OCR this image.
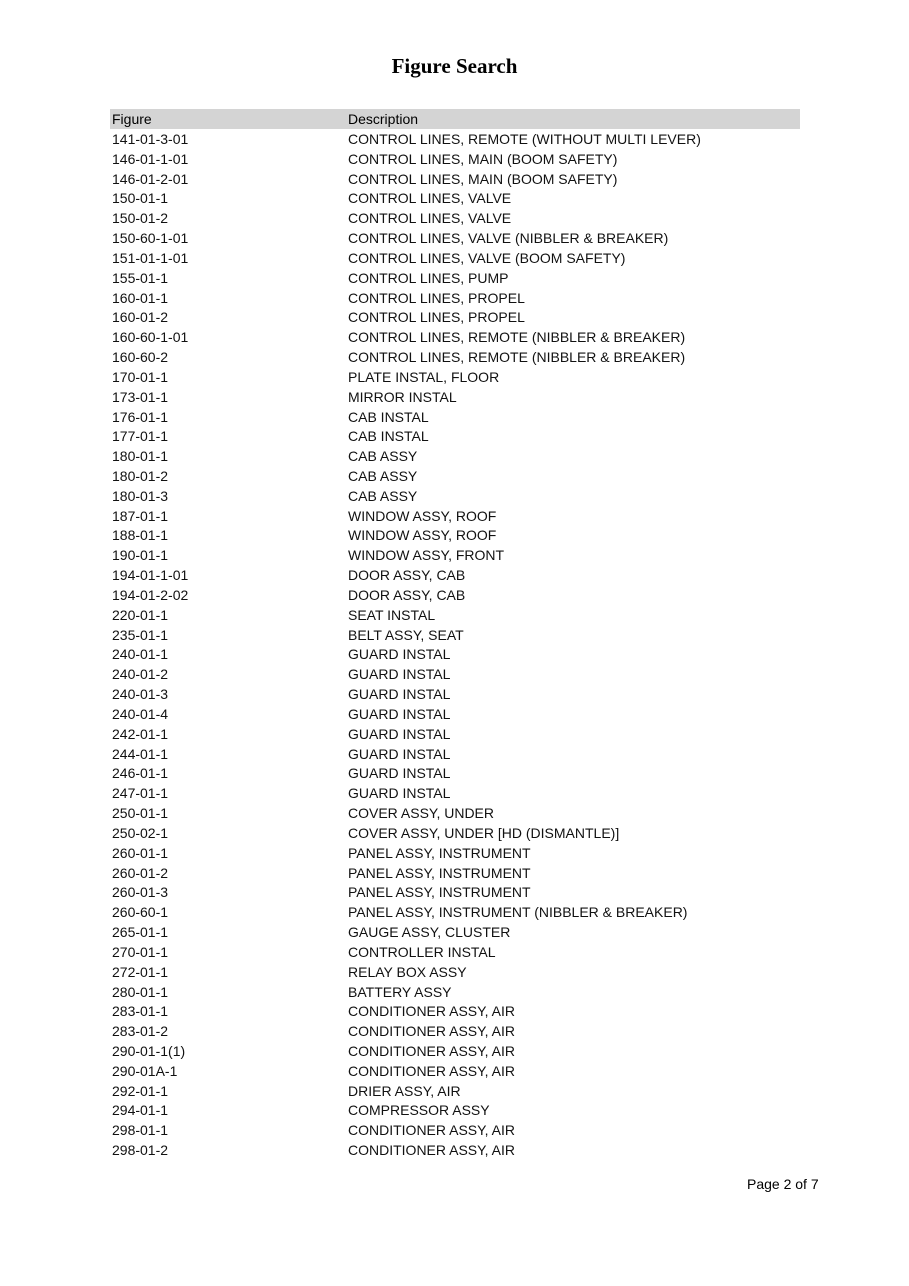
Figure Search
Figure	Description
141-01-3-01	CONTROL LINES, REMOTE (WITHOUT MULTI LEVER)
146-01-1-01	CONTROL LINES, MAIN (BOOM SAFETY)
146-01-2-01	CONTROL LINES, MAIN (BOOM SAFETY)
150-01-1	CONTROL LINES, VALVE
150-01-2	CONTROL LINES, VALVE
150-60-1-01	CONTROL LINES, VALVE (NIBBLER & BREAKER)
151-01-1-01	CONTROL LINES, VALVE (BOOM SAFETY)
155-01-1	CONTROL LINES, PUMP
160-01-1	CONTROL LINES, PROPEL
160-01-2	CONTROL LINES, PROPEL
160-60-1-01	CONTROL LINES, REMOTE (NIBBLER & BREAKER)
160-60-2	CONTROL LINES, REMOTE (NIBBLER & BREAKER)
170-01-1	PLATE INSTAL, FLOOR
173-01-1	MIRROR INSTAL
176-01-1	CAB INSTAL
177-01-1	CAB INSTAL
180-01-1	CAB ASSY
180-01-2	CAB ASSY
180-01-3	CAB ASSY
187-01-1	WINDOW ASSY, ROOF
188-01-1	WINDOW ASSY, ROOF
190-01-1	WINDOW ASSY, FRONT
194-01-1-01	DOOR ASSY, CAB
194-01-2-02	DOOR ASSY, CAB
220-01-1	SEAT INSTAL
235-01-1	BELT ASSY, SEAT
240-01-1	GUARD INSTAL
240-01-2	GUARD INSTAL
240-01-3	GUARD INSTAL
240-01-4	GUARD INSTAL
242-01-1	GUARD INSTAL
244-01-1	GUARD INSTAL
246-01-1	GUARD INSTAL
247-01-1	GUARD INSTAL
250-01-1	COVER ASSY, UNDER
250-02-1	COVER ASSY, UNDER [HD (DISMANTLE)]
260-01-1	PANEL ASSY, INSTRUMENT
260-01-2	PANEL ASSY, INSTRUMENT
260-01-3	PANEL ASSY, INSTRUMENT
260-60-1	PANEL ASSY, INSTRUMENT (NIBBLER & BREAKER)
265-01-1	GAUGE ASSY, CLUSTER
270-01-1	CONTROLLER INSTAL
272-01-1	RELAY BOX ASSY
280-01-1	BATTERY ASSY
283-01-1	CONDITIONER ASSY, AIR
283-01-2	CONDITIONER ASSY, AIR
290-01-1(1)	CONDITIONER ASSY, AIR
290-01A-1	CONDITIONER ASSY, AIR
292-01-1	DRIER ASSY, AIR
294-01-1	COMPRESSOR ASSY
298-01-1	CONDITIONER ASSY, AIR
298-01-2	CONDITIONER ASSY, AIR
Page 2 of 7
